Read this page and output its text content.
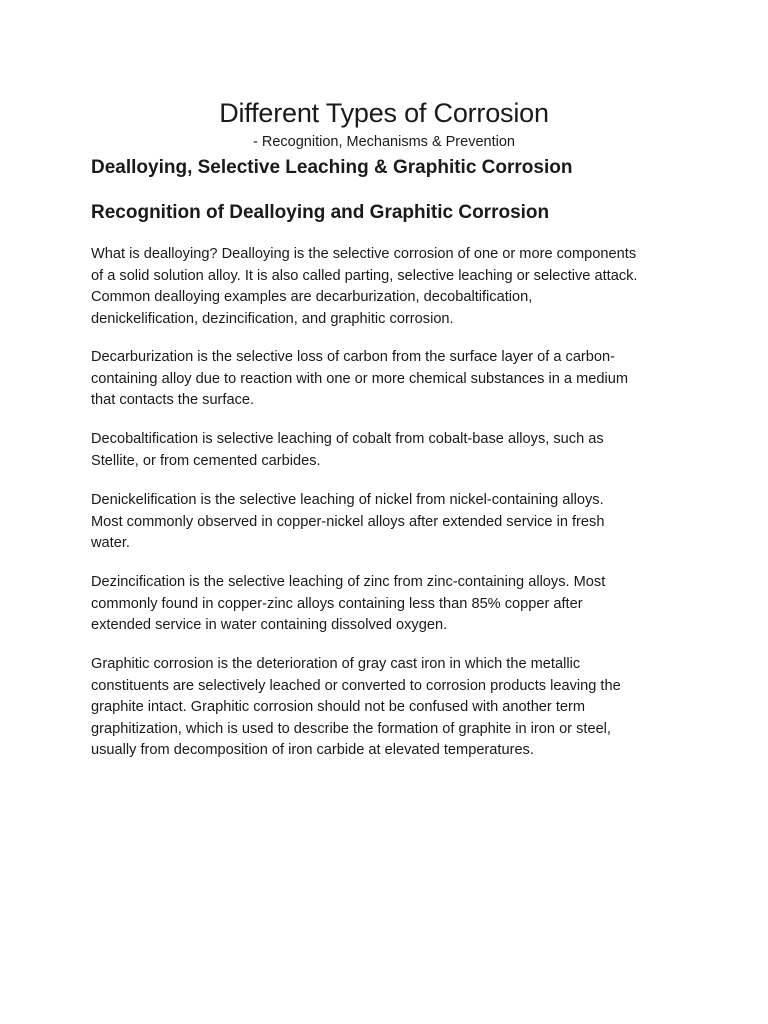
Different Types of Corrosion
- Recognition, Mechanisms & Prevention
Dealloying, Selective Leaching & Graphitic Corrosion
Recognition of Dealloying and Graphitic Corrosion

What is dealloying? Dealloying is the selective corrosion of one or more components
of a solid solution alloy. It is also called parting, selective leaching or selective attack.
Common dealloying examples are decarburization, decobaltification,
denickelification, dezincification, and graphitic corrosion.

Decarburization is the selective loss of carbon from the surface layer of a carbon-
containing alloy due to reaction with one or more chemical substances in a medium
that contacts the surface.

Decobaltification is selective leaching of cobalt from cobalt-base alloys, such as
Stellite, or from cemented carbides.

Denickelification is the selective leaching of nickel from nickel-containing alloys.
Most commonly observed in copper-nickel alloys after extended service in fresh
water.

Dezincification is the selective leaching of zinc from zinc-containing alloys. Most
commonly found in copper-zinc alloys containing less than 85% copper after
extended service in water containing dissolved oxygen.

Graphitic corrosion is the deterioration of gray cast iron in which the metallic
constituents are selectively leached or converted to corrosion products leaving the
graphite intact. Graphitic corrosion should not be confused with another term
graphitization, which is used to describe the formation of graphite in iron or steel,
usually from decomposition of iron carbide at elevated temperatures.
